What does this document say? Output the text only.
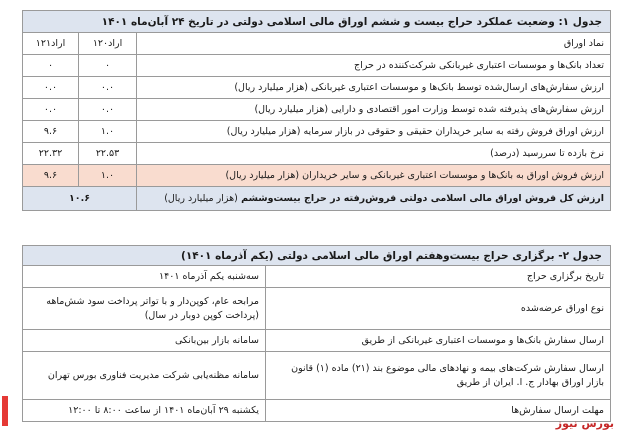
جدول ۱: وضعیت عملکرد حراج بیست و ششم اوراق مالی اسلامی دولتی در تاریخ ۲۴ آبان‌ماه ۱۴۰۱		
نماد اوراق	اراد۱۲۰	اراد۱۲۱
تعداد بانک‌ها و موسسات اعتباری غیربانکی شرکت‌کننده در حراج	۰	۰
ارزش سفارش‌های ارسال‌شده توسط بانک‌ها و موسسات اعتباری غیربانکی (هزار میلیارد ریال)	۰.۰	۰.۰
ارزش سفارش‌های پذیرفته شده توسط وزارت امور اقتصادی و دارایی (هزار میلیارد ریال)	۰.۰	۰.۰
ارزش اوراق فروش رفته به سایر خریداران حقیقی و حقوقی در بازار سرمایه (هزار میلیارد ریال)	۱.۰	۹.۶
نرخ بازده تا سررسید (درصد)	۲۲.۵۳	۲۲.۳۲
ارزش فروش اوراق به بانک‌ها و موسسات اعتباری غیربانکی و سایر خریداران (هزار میلیارد ریال)	۱.۰	۹.۶
ارزش کل فروش اوراق مالی اسلامی دولتی فروش‌رفته در حراج بیست‌وششم (هزار میلیارد ریال)	۱۰.۶	
جدول ۲- برگزاری حراج بیست‌وهفتم اوراق مالی اسلامی دولتی (یکم آذرماه ۱۴۰۱)	
تاریخ برگزاری حراج	سه‌شنبه یکم آذرماه ۱۴۰۱
نوع اوراق عرضه‌شده	مرابحه عام، کوپن‌دار و با تواتر پرداخت سود شش‌ماهه (پرداخت کوپن دوبار در سال)
ارسال سفارش بانک‌ها و موسسات اعتباری غیربانکی از طریق	سامانه بازار بین‌بانکی
ارسال سفارش شرکت‌های بیمه و نهادهای مالی موضوع بند (۲۱) ماده (۱) قانون بازار اوراق بهادار ج. ا. ایران از طریق	سامانه مظنه‌یابی شرکت مدیریت فناوری بورس تهران
مهلت ارسال سفارش‌ها	یکشنبه ۲۹ آبان‌ماه ۱۴۰۱ از ساعت ۸:۰۰ تا ۱۲:۰۰
بورس نیوز
